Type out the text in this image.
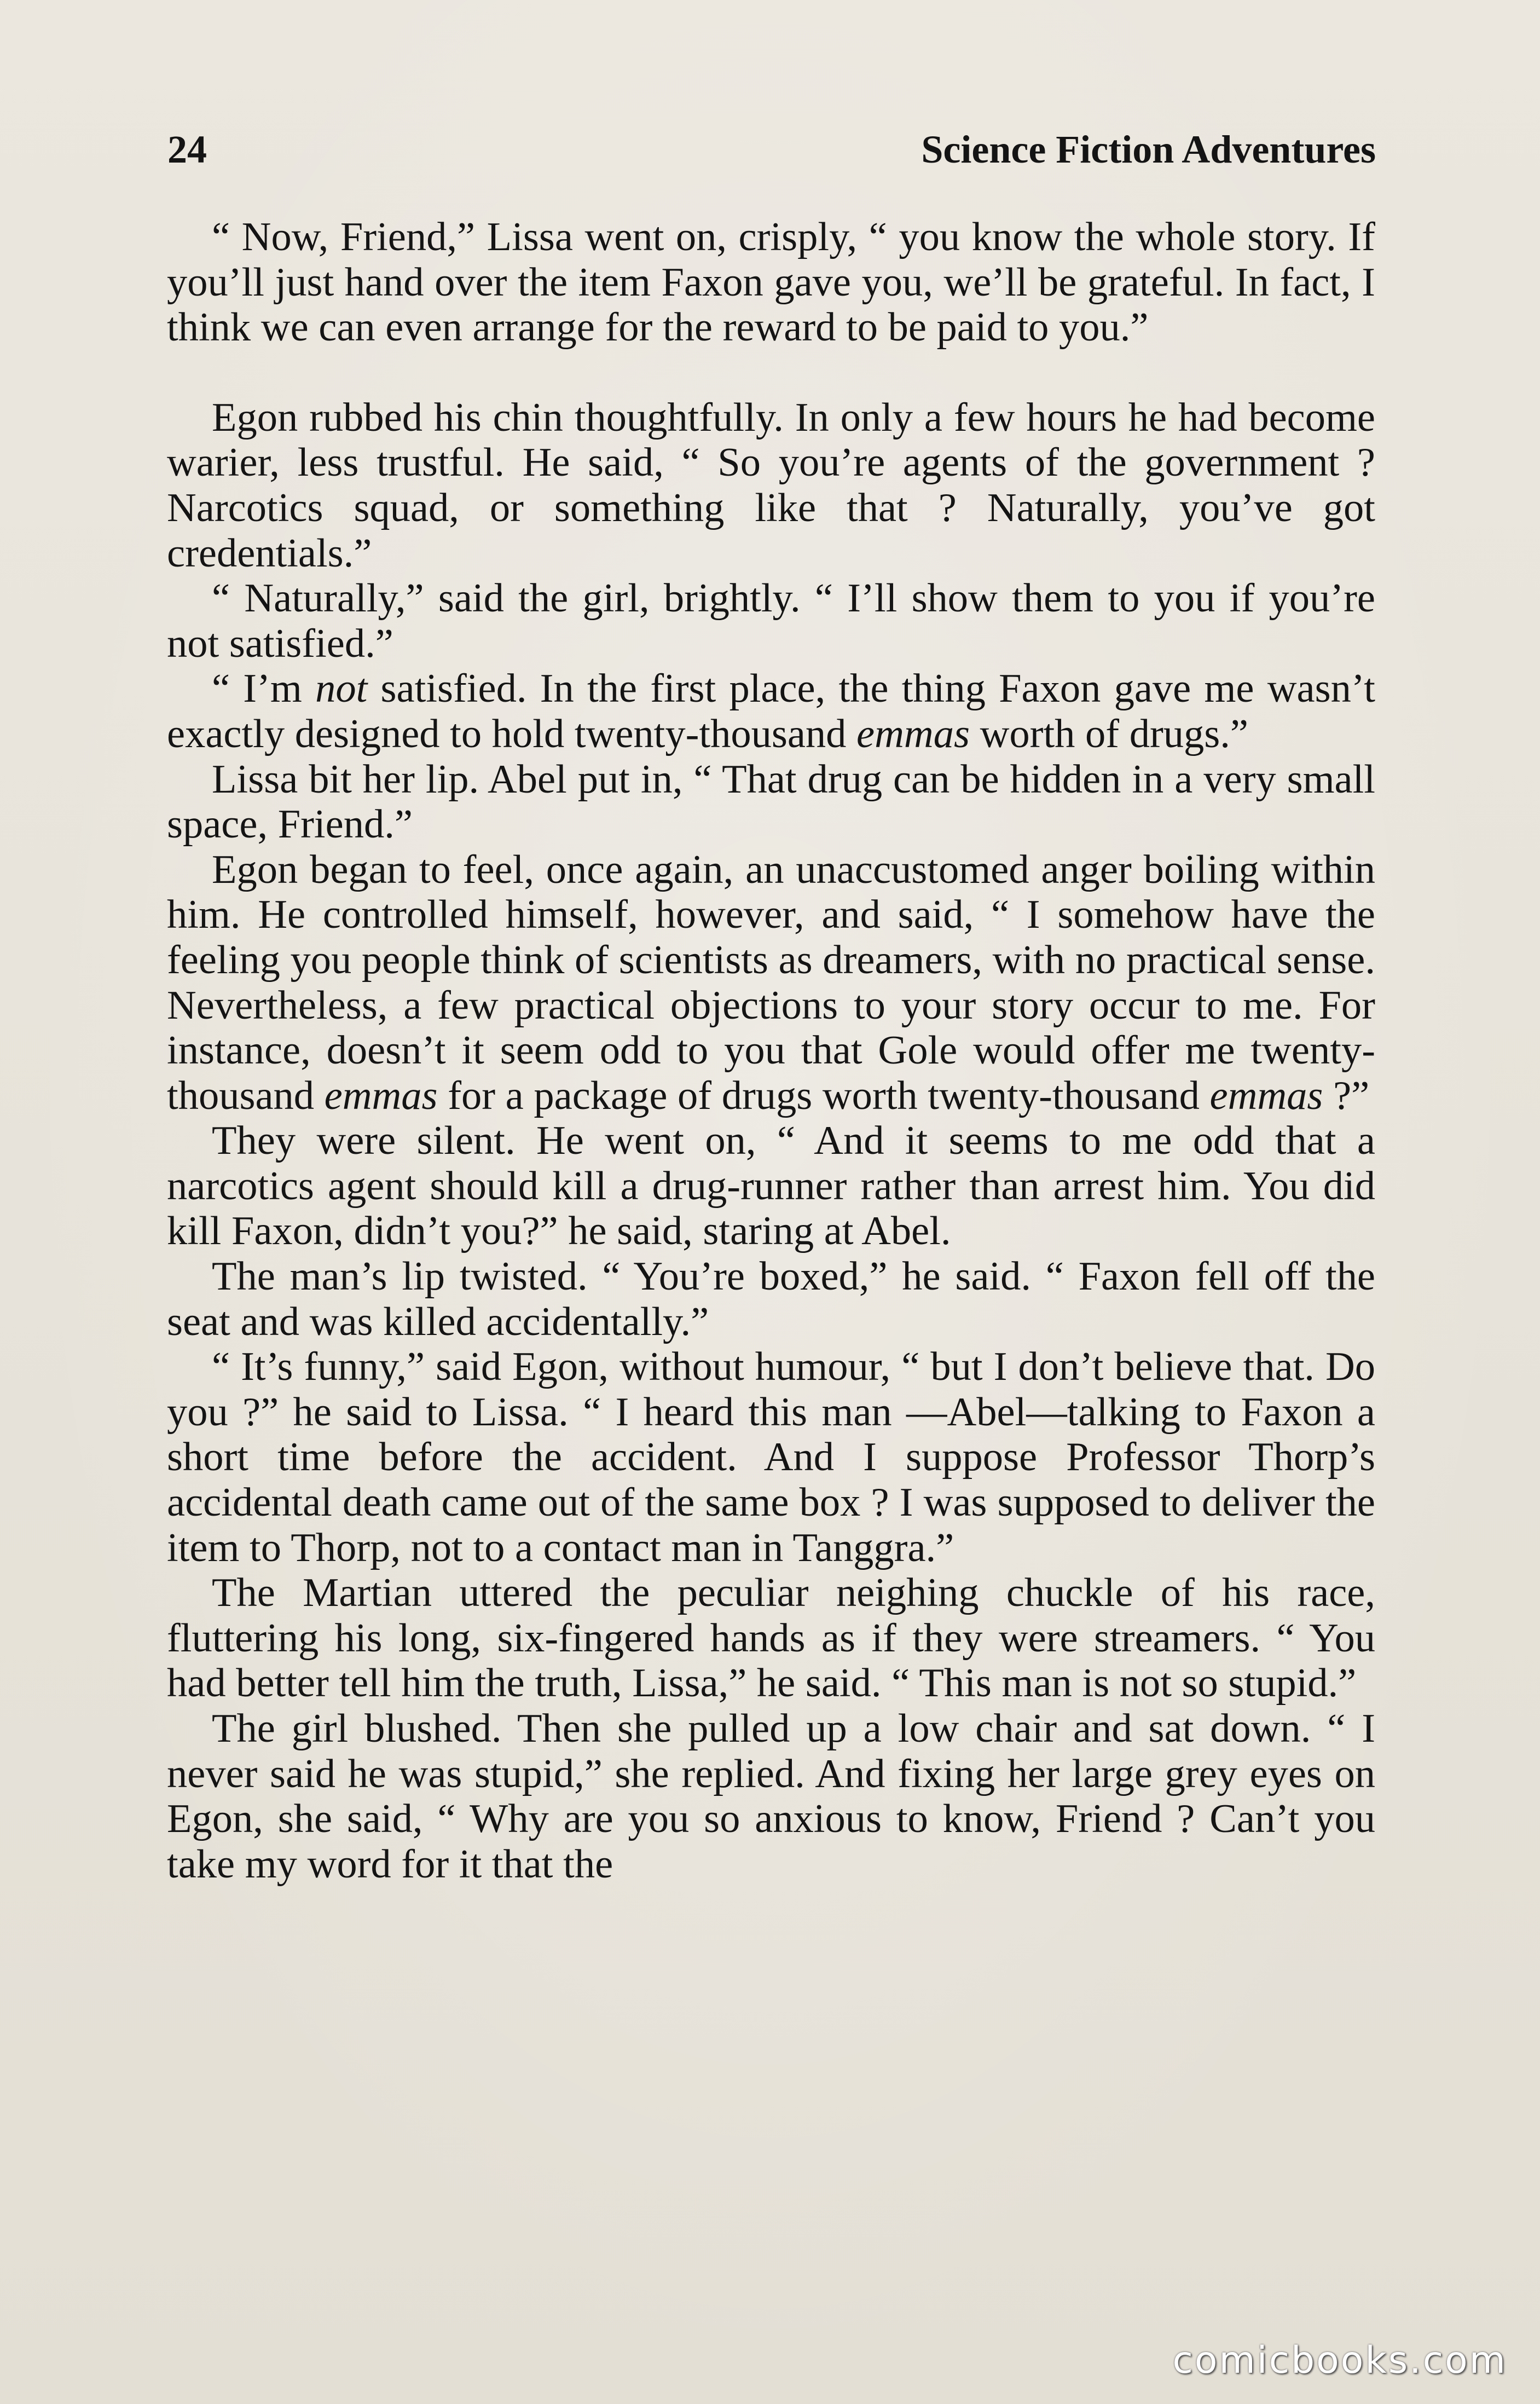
24	Science Fiction Adventures

“ Now, Friend,” Lissa went on, crisply, “ you know the whole story. If you’ll just hand over the item Faxon gave you, we’ll be grateful. In fact, I think we can even arrange for the reward to be paid to you.”

Egon rubbed his chin thoughtfully. In only a few hours he had become warier, less trustful. He said, “ So you’re agents of the government ? Narcotics squad, or something like that ? Naturally, you’ve got credentials.”

“ Naturally,” said the girl, brightly. “ I’ll show them to you if you’re not satisfied.”

“ I’m not satisfied. In the first place, the thing Faxon gave me wasn’t exactly designed to hold twenty-thousand emmas worth of drugs.”

Lissa bit her lip. Abel put in, “ That drug can be hidden in a very small space, Friend.”

Egon began to feel, once again, an unaccustomed anger boiling within him. He controlled himself, however, and said, “ I somehow have the feeling you people think of scientists as dreamers, with no practical sense. Nevertheless, a few practical objections to your story occur to me. For instance, doesn’t it seem odd to you that Gole would offer me twenty-thousand emmas for a package of drugs worth twenty-thousand emmas ?”

They were silent. He went on, “ And it seems to me odd that a narcotics agent should kill a drug-runner rather than arrest him. You did kill Faxon, didn’t you?” he said, staring at Abel.

The man’s lip twisted. “ You’re boxed,” he said. “ Faxon fell off the seat and was killed accidentally.”

“ It’s funny,” said Egon, without humour, “ but I don’t believe that. Do you ?” he said to Lissa. “ I heard this man —Abel—talking to Faxon a short time before the accident. And I suppose Professor Thorp’s accidental death came out of the same box ? I was supposed to deliver the item to Thorp, not to a contact man in Tanggra.”

The Martian uttered the peculiar neighing chuckle of his race, fluttering his long, six-fingered hands as if they were streamers. “ You had better tell him the truth, Lissa,” he said. “ This man is not so stupid.”

The girl blushed. Then she pulled up a low chair and sat down. “ I never said he was stupid,” she replied. And fixing her large grey eyes on Egon, she said, “ Why are you so anxious to know, Friend ? Can’t you take my word for it that the

comicbooks.com
